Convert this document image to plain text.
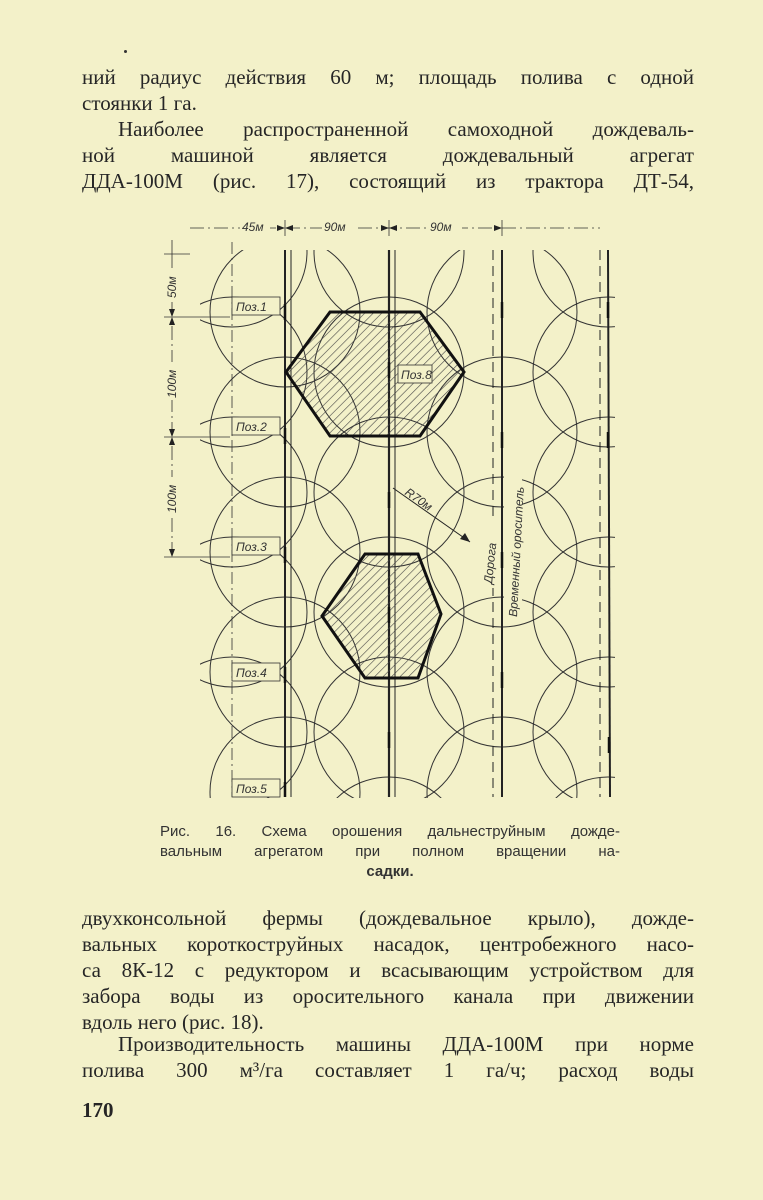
ний радиус действия 60 м; площадь полива с одной
стоянки 1 га.

Наиболее распространенной самоходной дождеваль-
ной машиной является дождевальный агрегат
ДДА-100М (рис. 17), состоящий из трактора ДТ-54,

Поз.1
Поз.2
Поз.3
Поз.4
Поз.5
Поз.8
R70м
45м	90м	90м
50м
100м
100м
Дорога Временный ороситель
Рис. 16. Схема орошения дальнеструйным дожде-
вальным агрегатом при полном вращении на-
садки.

двухконсольной фермы (дождевальное крыло), дожде-
вальных короткоструйных насадок, центробежного насо-
са 8К-12 с редуктором и всасывающим устройством для
забора воды из оросительного канала при движении
вдоль него (рис. 18).

Производительность машины ДДА-100М при норме
полива 300 м³/га составляет 1 га/ч; расход воды

170
